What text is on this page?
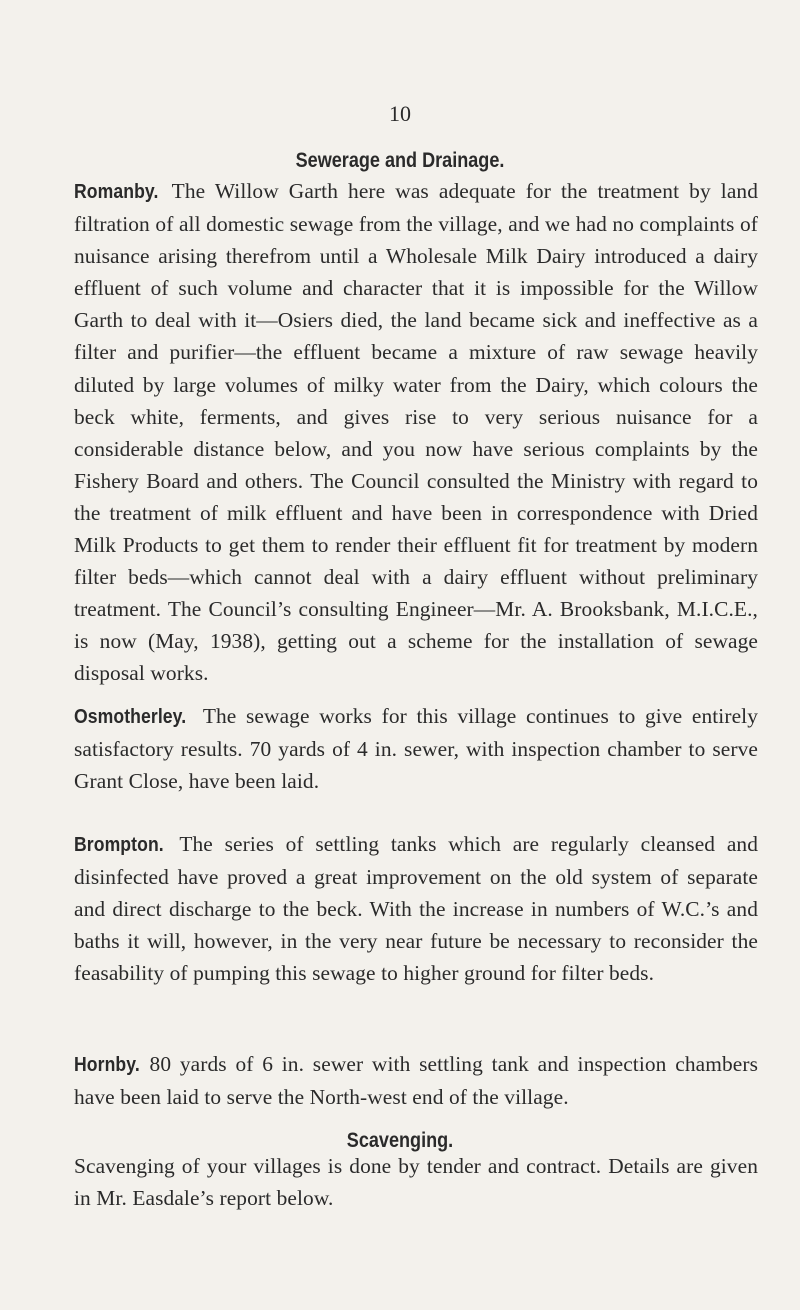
10
Sewerage and Drainage.

Romanby. The Willow Garth here was adequate for the treatment by land filtration of all domestic sewage from the village, and we had no complaints of nuisance arising therefrom until a Wholesale Milk Dairy introduced a dairy effluent of such volume and character that it is impossible for the Willow Garth to deal with it—Osiers died, the land became sick and ineffective as a filter and purifier—the effluent became a mixture of raw sewage heavily diluted by large volumes of milky water from the Dairy, which colours the beck white, ferments, and gives rise to very serious nuisance for a considerable distance below, and you now have serious complaints by the Fishery Board and others. The Council consulted the Ministry with regard to the treatment of milk effluent and have been in correspondence with Dried Milk Products to get them to render their effluent fit for treatment by modern filter beds—which cannot deal with a dairy effluent without preliminary treatment. The Council’s consulting Engineer—Mr. A. Brooksbank, M.I.C.E., is now (May, 1938), getting out a scheme for the installation of sewage disposal works.

Osmotherley. The sewage works for this village continues to give entirely satisfactory results. 70 yards of 4 in. sewer, with inspection chamber to serve Grant Close, have been laid.

Brompton. The series of settling tanks which are regularly cleansed and disinfected have proved a great improvement on the old system of separate and direct discharge to the beck. With the increase in numbers of W.C.’s and baths it will, however, in the very near future be necessary to reconsider the feasability of pumping this sewage to higher ground for filter beds.

Hornby. 80 yards of 6 in. sewer with settling tank and inspection chambers have been laid to serve the North-west end of the village.

Scavenging.

Scavenging of your villages is done by tender and contract. Details are given in Mr. Easdale’s report below.
